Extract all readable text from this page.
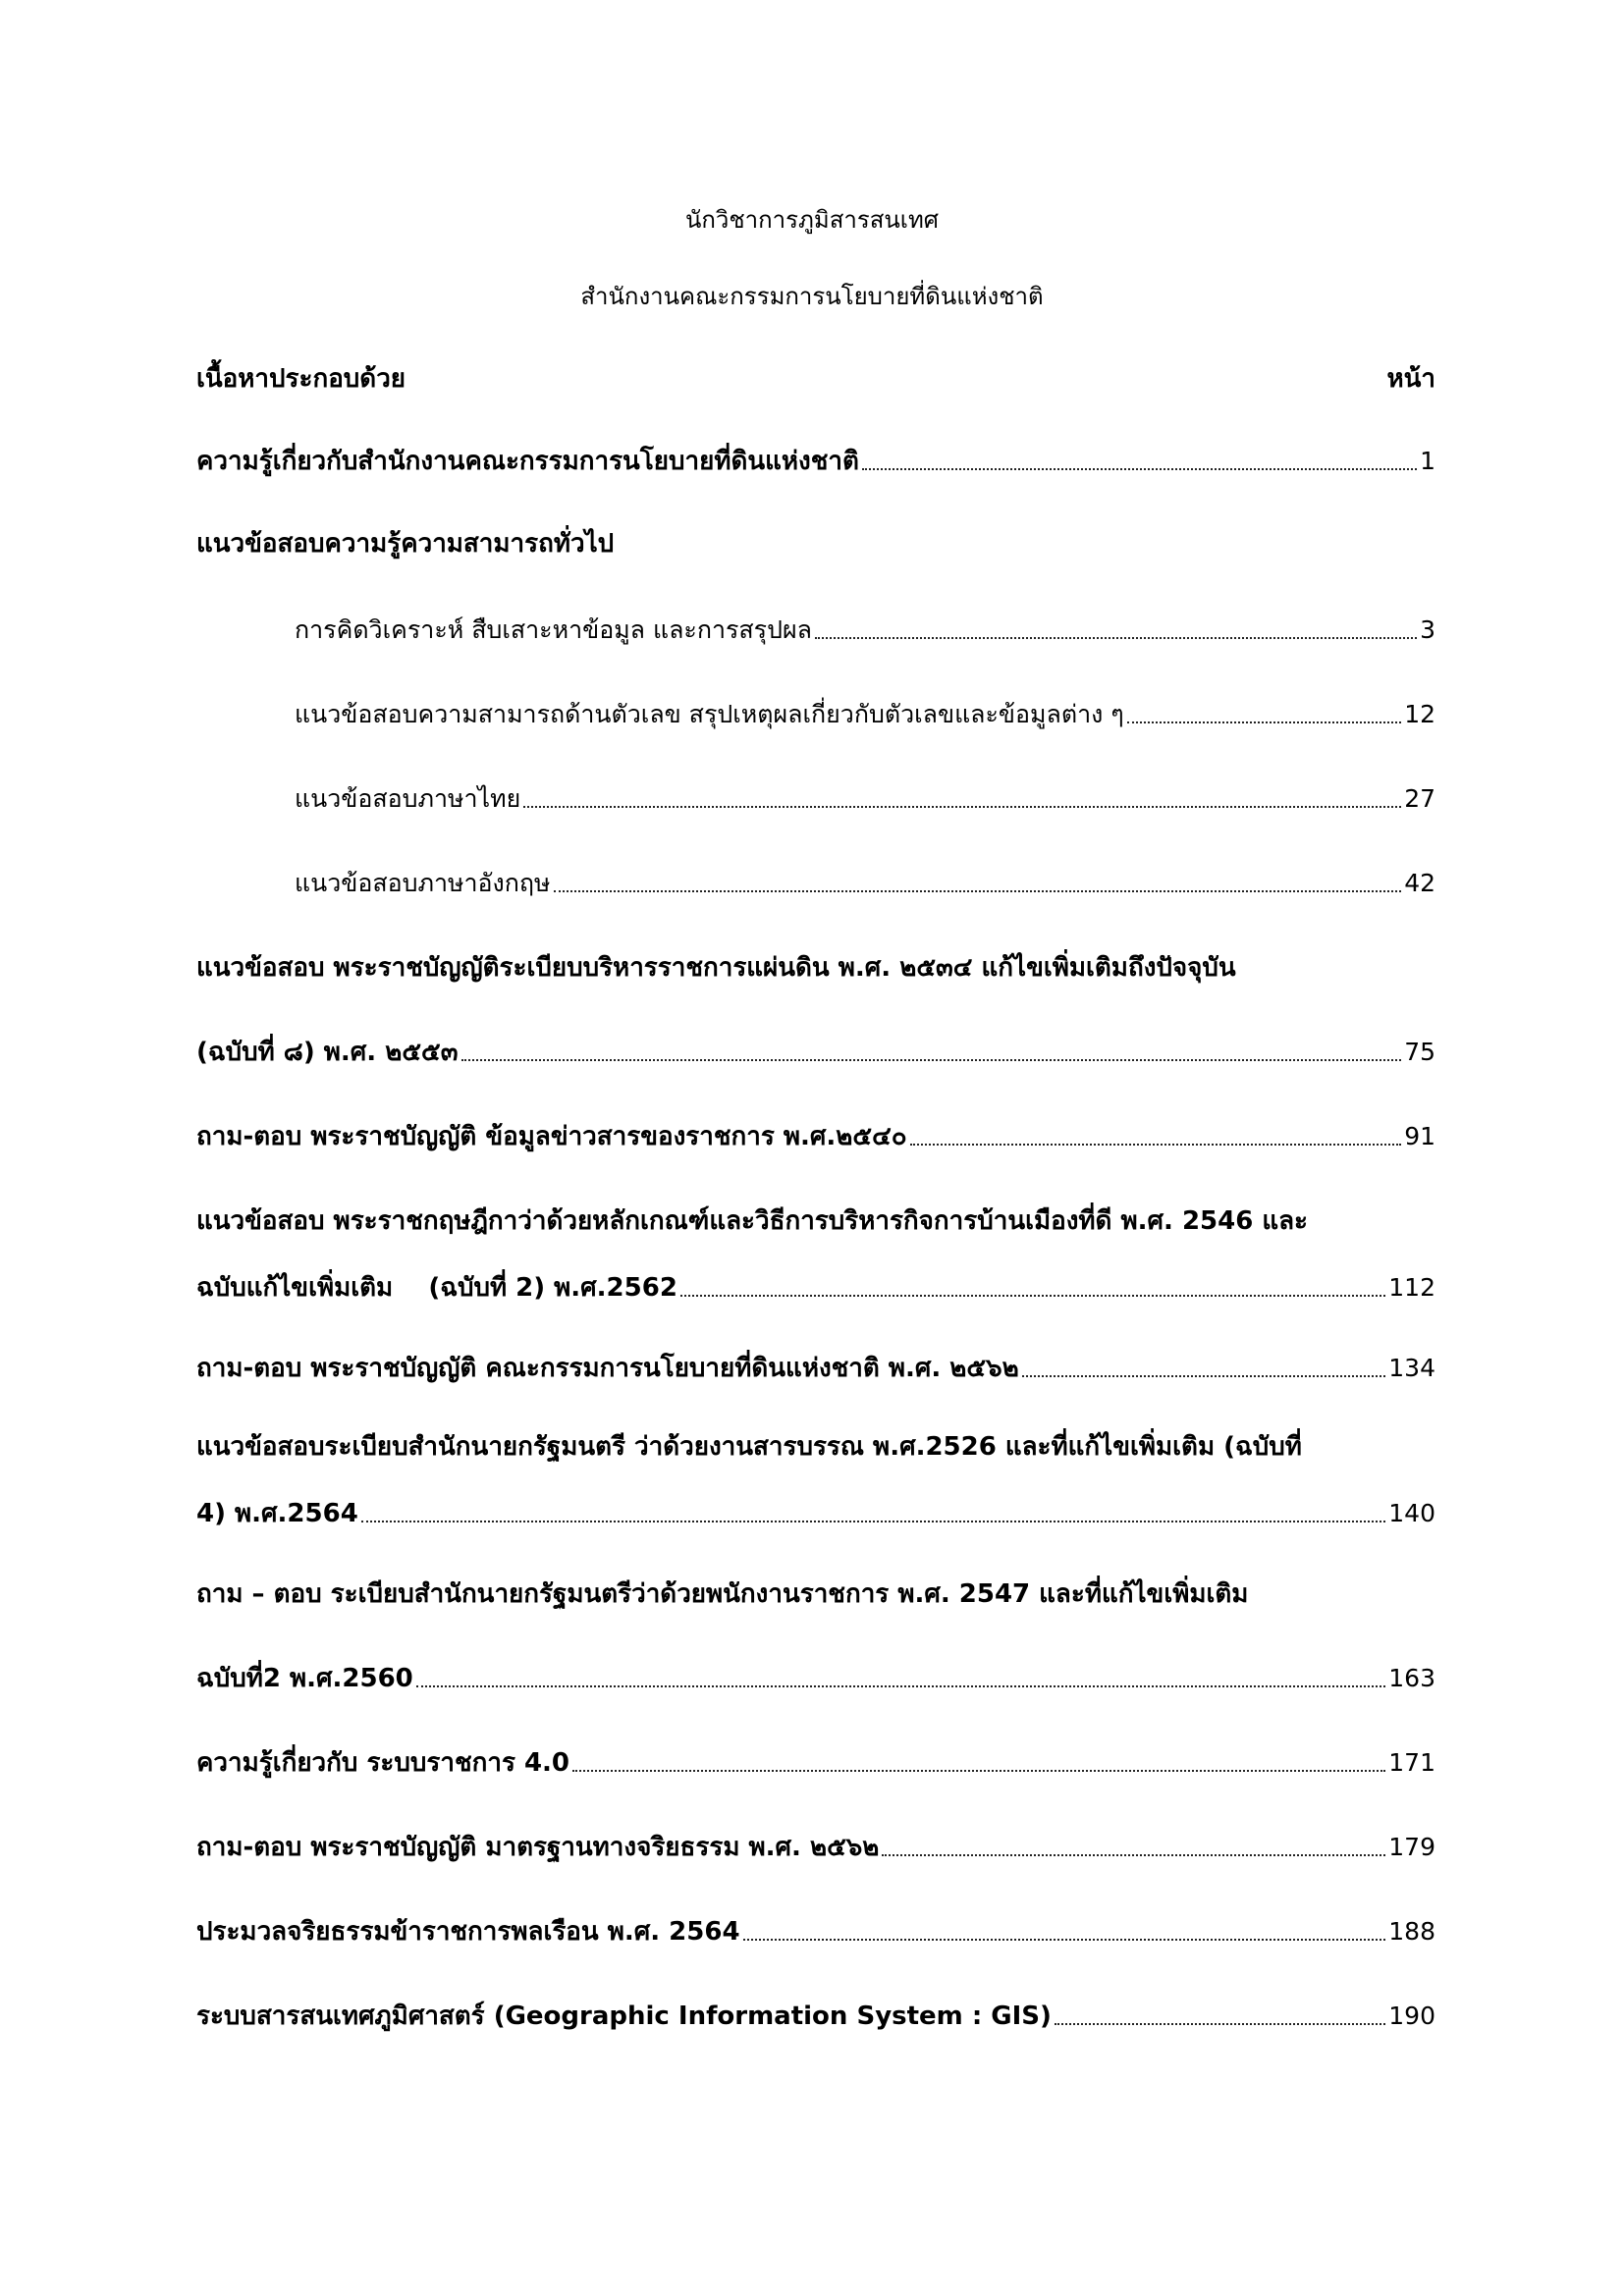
นักวิชาการภูมิสารสนเทศ
สำนักงานคณะกรรมการนโยบายที่ดินแห่งชาติ
เนื้อหาประกอบด้วย	หน้า
ความรู้เกี่ยวกับสำนักงานคณะกรรมการนโยบายที่ดินแห่งชาติ	1
แนวข้อสอบความรู้ความสามารถทั่วไป
การคิดวิเคราะห์ สืบเสาะหาข้อมูล และการสรุปผล	3
แนวข้อสอบความสามารถด้านตัวเลข สรุปเหตุผลเกี่ยวกับตัวเลขและข้อมูลต่าง ๆ	12
แนวข้อสอบภาษาไทย	27
แนวข้อสอบภาษาอังกฤษ	42
แนวข้อสอบ พระราชบัญญัติระเบียบบริหารราชการแผ่นดิน พ.ศ. ๒๕๓๔ แก้ไขเพิ่มเติมถึงปัจจุบัน
(ฉบับที่ ๘) พ.ศ. ๒๕๕๓	75
ถาม-ตอบ พระราชบัญญัติ ข้อมูลข่าวสารของราชการ พ.ศ.๒๕๔๐	91
แนวข้อสอบ พระราชกฤษฎีกาว่าด้วยหลักเกณฑ์และวิธีการบริหารกิจการบ้านเมืองที่ดี พ.ศ. 2546 และ
ฉบับแก้ไขเพิ่มเติม    (ฉบับที่ 2) พ.ศ.2562	112
ถาม-ตอบ พระราชบัญญัติ คณะกรรมการนโยบายที่ดินแห่งชาติ พ.ศ. ๒๕๖๒	134
แนวข้อสอบระเบียบสำนักนายกรัฐมนตรี ว่าด้วยงานสารบรรณ พ.ศ.2526 และที่แก้ไขเพิ่มเติม (ฉบับที่
4) พ.ศ.2564	140
ถาม – ตอบ ระเบียบสำนักนายกรัฐมนตรีว่าด้วยพนักงานราชการ พ.ศ. 2547 และที่แก้ไขเพิ่มเติม
ฉบับที่2 พ.ศ.2560	163
ความรู้เกี่ยวกับ ระบบราชการ 4.0	171
ถาม-ตอบ พระราชบัญญัติ มาตรฐานทางจริยธรรม พ.ศ. ๒๕๖๒	179
ประมวลจริยธรรมข้าราชการพลเรือน พ.ศ. 2564	188
ระบบสารสนเทศภูมิศาสตร์ (Geographic Information System : GIS)	190
